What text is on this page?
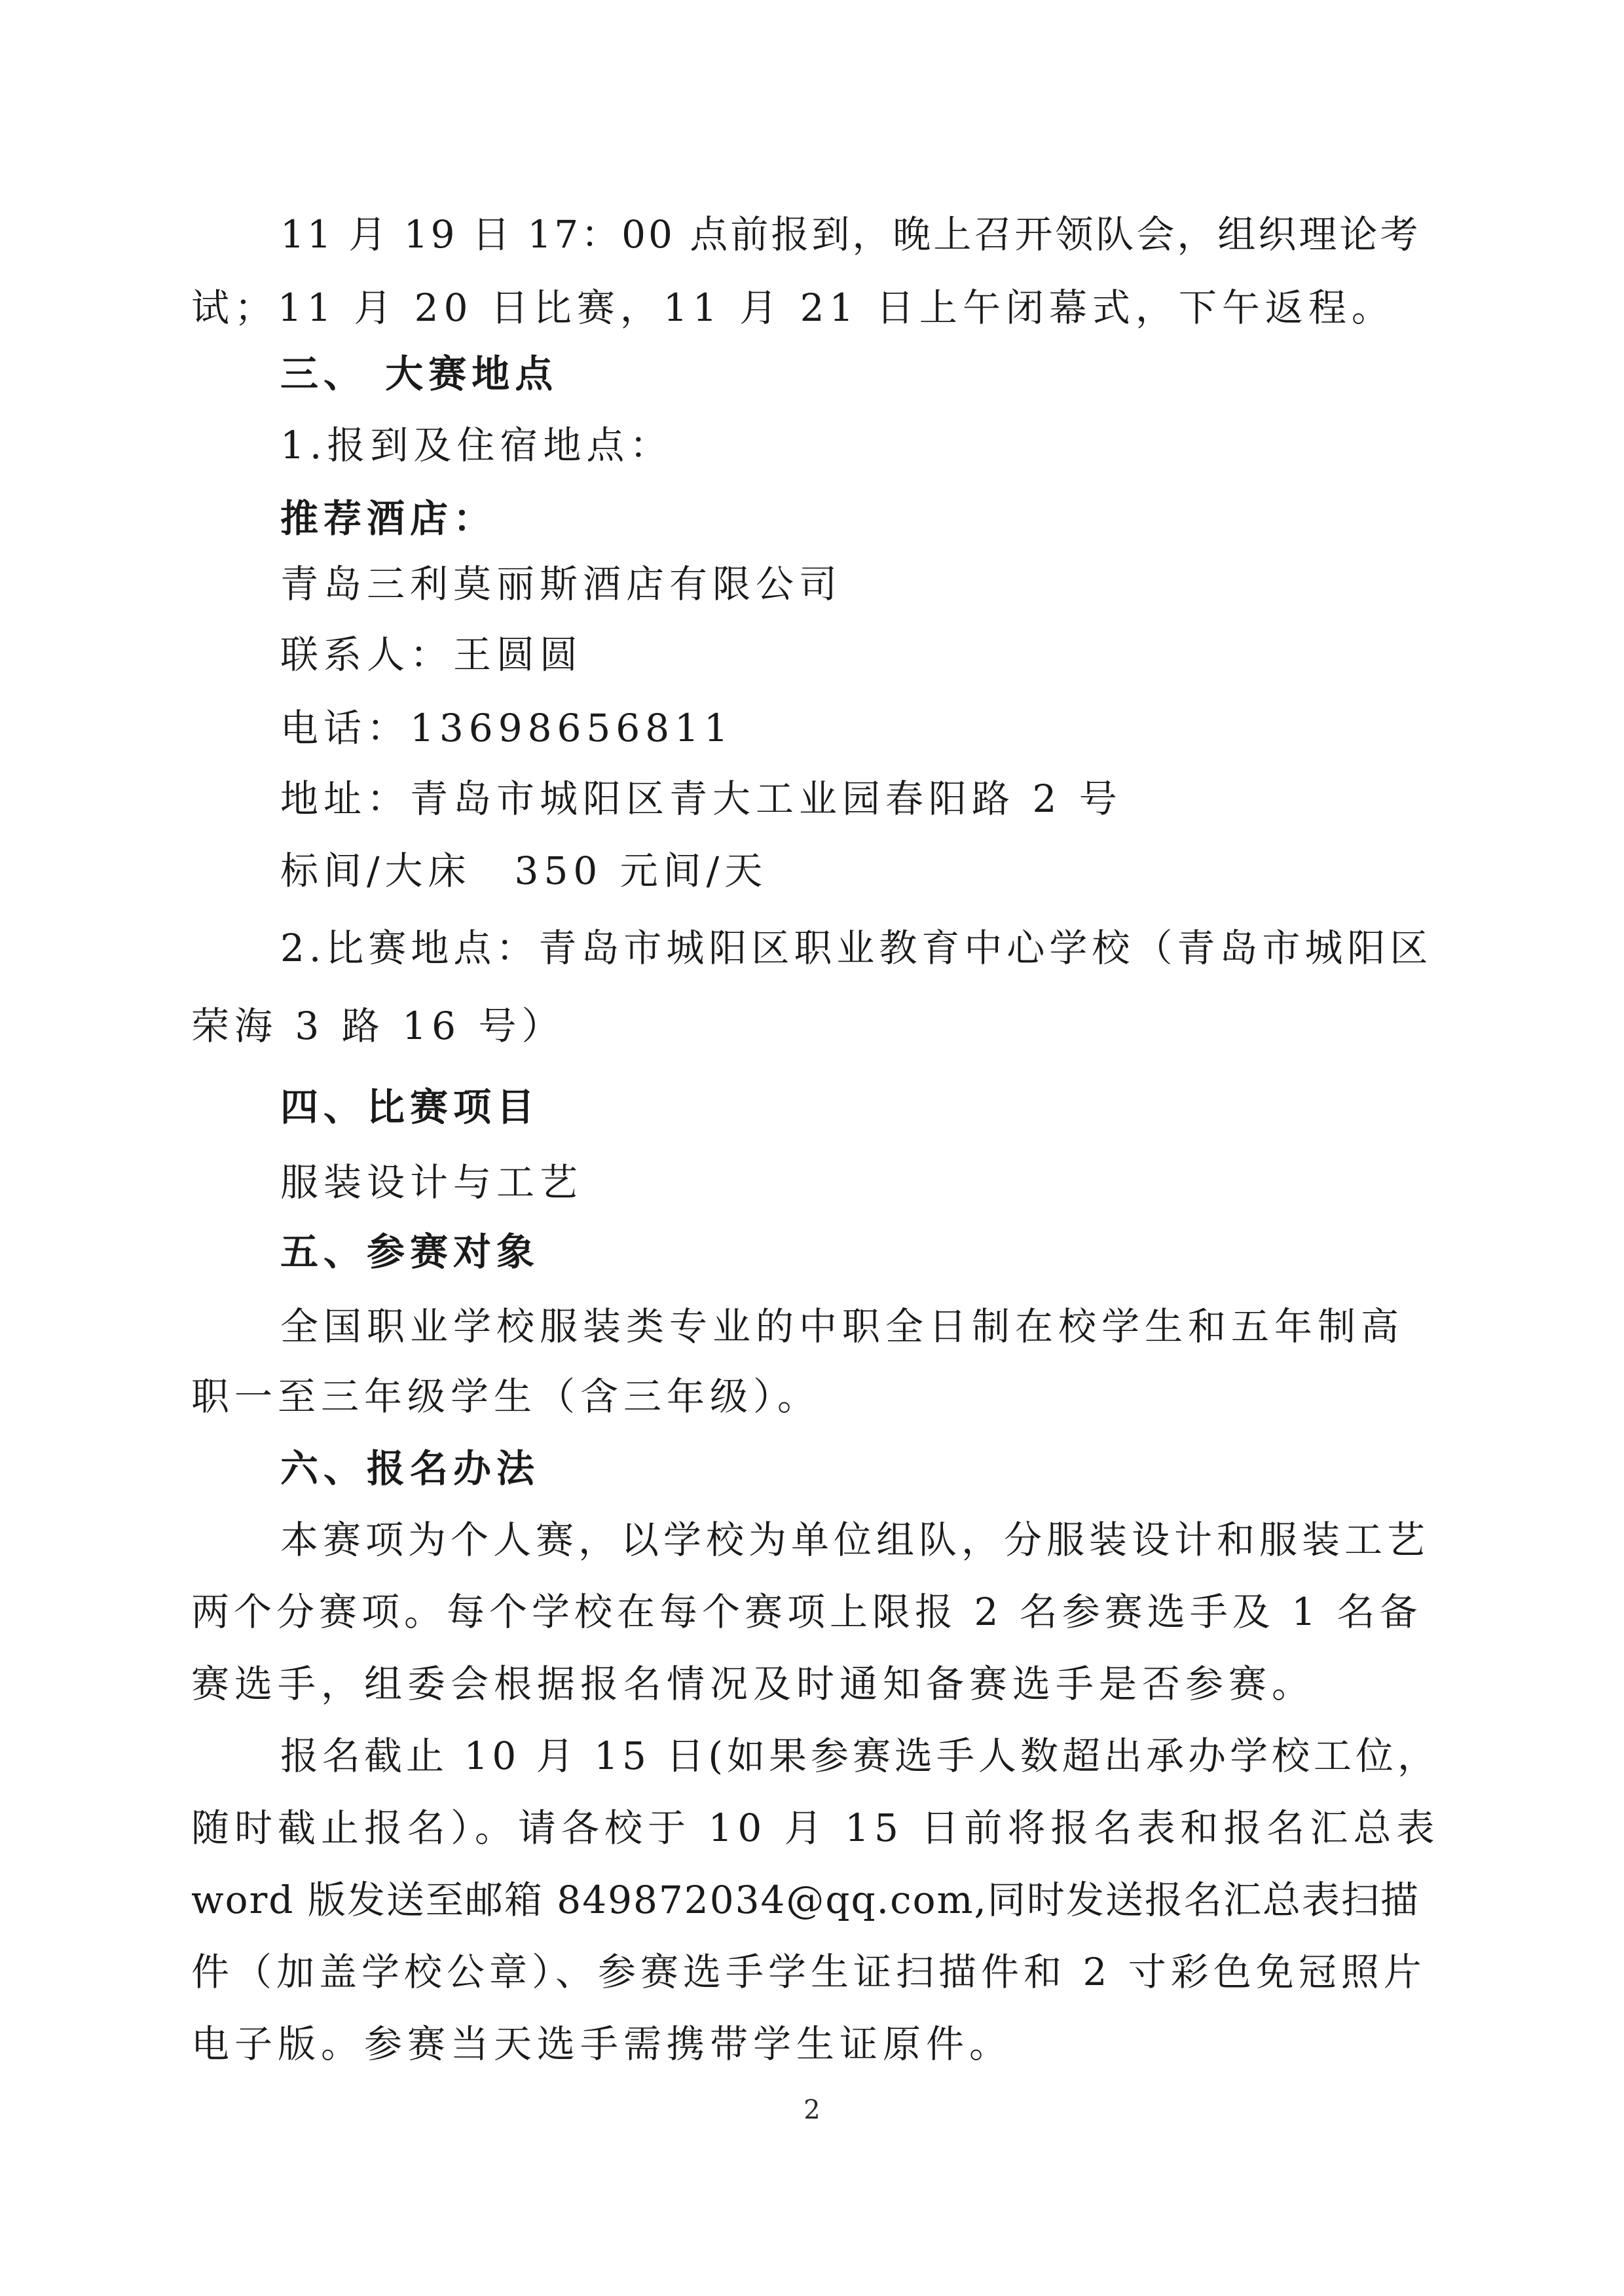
11 月 19 日 17：00 点前报到，晚上召开领队会，组织理论考
试；11 月 20 日比赛，11 月 21 日上午闭幕式，下午返程。
三、 大赛地点
1.报到及住宿地点：
推荐酒店：
青岛三利莫丽斯酒店有限公司
联系人：王圆圆
电话：13698656811
地址：青岛市城阳区青大工业园春阳路 2 号
标间/大床　350 元间/天
2.比赛地点：青岛市城阳区职业教育中心学校（青岛市城阳区
荣海 3 路 16 号）
四、比赛项目
服装设计与工艺
五、参赛对象
全国职业学校服装类专业的中职全日制在校学生和五年制高
职一至三年级学生（含三年级）。
六、报名办法
本赛项为个人赛，以学校为单位组队，分服装设计和服装工艺
两个分赛项。每个学校在每个赛项上限报 2 名参赛选手及 1 名备
赛选手，组委会根据报名情况及时通知备赛选手是否参赛。
报名截止 10 月 15 日(如果参赛选手人数超出承办学校工位，
随时截止报名）。请各校于 10 月 15 日前将报名表和报名汇总表
word 版发送至邮箱 849872034@qq.com,同时发送报名汇总表扫描
件（加盖学校公章）、参赛选手学生证扫描件和 2 寸彩色免冠照片
电子版。参赛当天选手需携带学生证原件。
2
